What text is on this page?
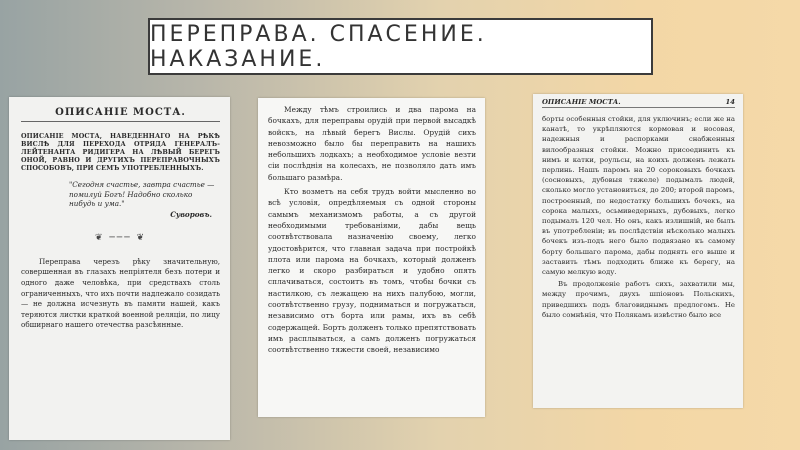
ПЕРЕПРАВА. СПАСЕНИЕ. НАКАЗАНИЕ.
ОПИСАНІЕ МОСТА.
ОПИСАНІЕ МОСТА, НАВЕДЕННАГО НА РѢКѢ ВИСЛѢ ДЛЯ ПЕРЕХОДА ОТРЯДА ГЕНЕРАЛЪ-ЛЕЙТЕНАНТА РИДИГЕРА НА ЛѢВЫЙ БЕРЕГЪ ОНОЙ, РАВНО И ДРУГИХЪ ПЕРЕПРАВОЧНЫХЪ СПОСОБОВЪ, ПРИ СЕМЪ УПОТРЕБЛЕННЫХЪ.
"Сегодня счастье, завтра счастье — помилуй Богъ! Надобно сколько нибудь и ума."
Суворовъ.
❦ ─── ❦
Переправа черезъ рѣку значительную, совершенная въ глазахъ непріятеля безъ потери и одного даже человѣка, при средствахъ столь ограниченныхъ, что ихъ почти надлежало созидать — не должна исчезнуть въ памяти нашей, какъ теряются листки краткой военной реляціи, по лицу обширнаго нашего отечества разсѣянные.

Между тѣмъ строились и два парома на бочкахъ, для переправы орудій при первой высадкѣ войскъ, на лѣвый берегъ Вислы. Орудій сихъ невозможно было бы переправить на нашихъ небольшихъ лодкахъ; а необходимое условіе везти сіи послѣднія на колесахъ, не позволяло дать имъ большаго размѣра.

Кто возметъ на себя трудъ войти мысленно во всѣ условія, опредѣляемыя съ одной стороны самымъ механизмомъ работы, а съ другой необходимыми требованіями, дабы вещь соотвѣтствовала назначенію своему, легко удостовѣрится, что главная задача при постройкѣ плота или парома на бочкахъ, который долженъ легко и скоро разбираться и удобно опять сплачиваться, состоитъ въ томъ, чтобы бочки съ настилкою, съ лежащею на нихъ палубою, могли, соотвѣтственно грузу, подниматься и погружаться, независимо отъ борта или рамы, ихъ въ себѣ содержащей. Бортъ долженъ только препятствовать имъ расплываться, а самъ долженъ погружаться соотвѣтственно тяжести своей, независимо

ОПИСАНІЕ МОСТА.	14

борты особенныя стойки, для уключинъ; если же на канатѣ, то укрѣпляются кормовая и носовая, надежныя и распорками снабженныя вилообразныя стойки. Можно присоединить къ нимъ и катки, роульсы, на коихъ долженъ лежать перлинь. Нашъ паромъ на 20 сороковыхъ бочкахъ (сосновыхъ, дубовыя тяжеле) подымалъ людей, сколько могло установиться, до 200; второй паромъ, построенный, по недостатку большихъ бочекъ, на сорока малыхъ, осьмиведерныхъ, дубовыхъ, легко подымалъ 120 чел. Но онъ, какъ излишній, не былъ въ употребленіи; въ послѣдствіи нѣсколько малыхъ бочекъ изъ-подъ него было подвязано къ самому борту большаго парома, дабы поднять его выше и заставить тѣмъ подходить ближе къ берегу, на самую мелкую воду.

Въ продолженіе работъ сихъ, захватили мы, между прочимъ, двухъ шпіоновъ Польскихъ, приведшихъ подъ благовиднымъ предлогомъ. Не было сомнѣнія, что Полякамъ извѣстно было все
